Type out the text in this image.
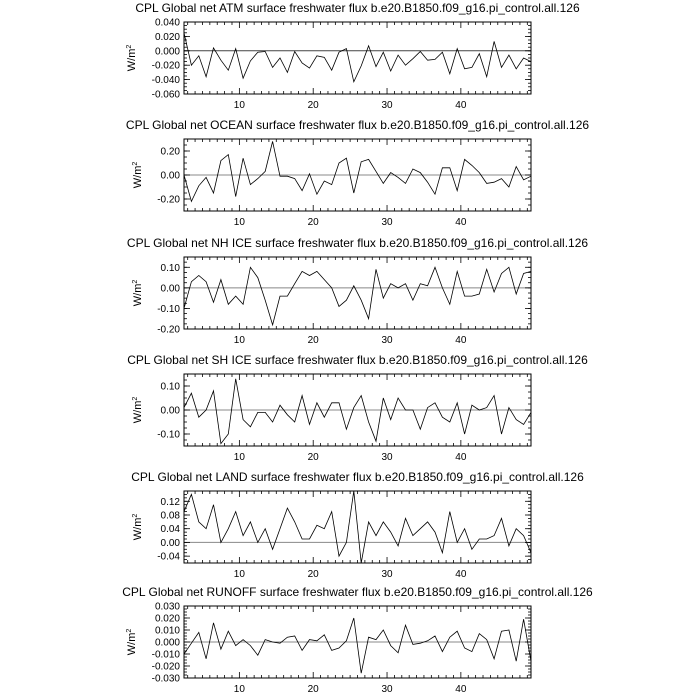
CPL Global net ATM surface freshwater flux b.e20.B1850.f09_g16.pi_control.all.126
10	20	30	40
0.040
0.020
0.000
-0.020
-0.040
-0.060
$W/m^2$
CPL Global net OCEAN surface freshwater flux b.e20.B1850.f09_g16.pi_control.all.126
10	20	30	40
0.20
0.00
-0.20
$W/m^2$
CPL Global net NH ICE surface freshwater flux b.e20.B1850.f09_g16.pi_control.all.126
10	20	30	40
0.10
0.00
-0.10
-0.20
$W/m^2$
CPL Global net SH ICE surface freshwater flux b.e20.B1850.f09_g16.pi_control.all.126
10	20	30	40
0.10
0.00
-0.10
$W/m^2$
CPL Global net LAND surface freshwater flux b.e20.B1850.f09_g16.pi_control.all.126
10	20	30	40
0.12
0.08
0.04
0.00
-0.04
$W/m^2$
CPL Global net RUNOFF surface freshwater flux b.e20.B1850.f09_g16.pi_control.all.126
10	20	30	40
0.030
0.020
0.010
0.000
-0.010
-0.020
-0.030
$W/m^2$
